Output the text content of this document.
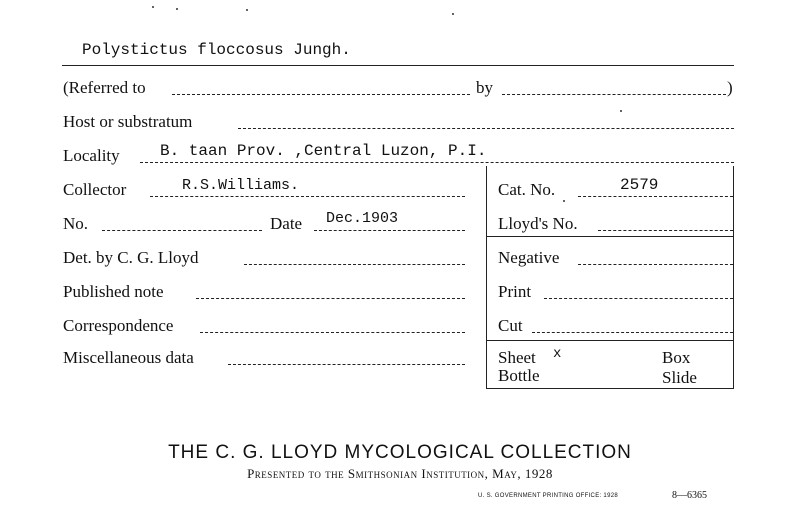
Polystictus floccosus Jungh.
(Referred to	by	)
Host or substratum
Locality	B. taan Prov. ,Central Luzon, P.I.
Collector	R.S.Williams.
No.	Date Dec.1903
Det. by C. G. Lloyd
Published note
Correspondence
Miscellaneous data
Cat. No.	2579
Lloyd's No.
Negative
Print
Cut
Sheet x	Box
Bottle	Slide
THE C. G. LLOYD MYCOLOGICAL COLLECTION
Presented to the Smithsonian Institution, May, 1928
U. S. GOVERNMENT PRINTING OFFICE: 1928	8—6365
